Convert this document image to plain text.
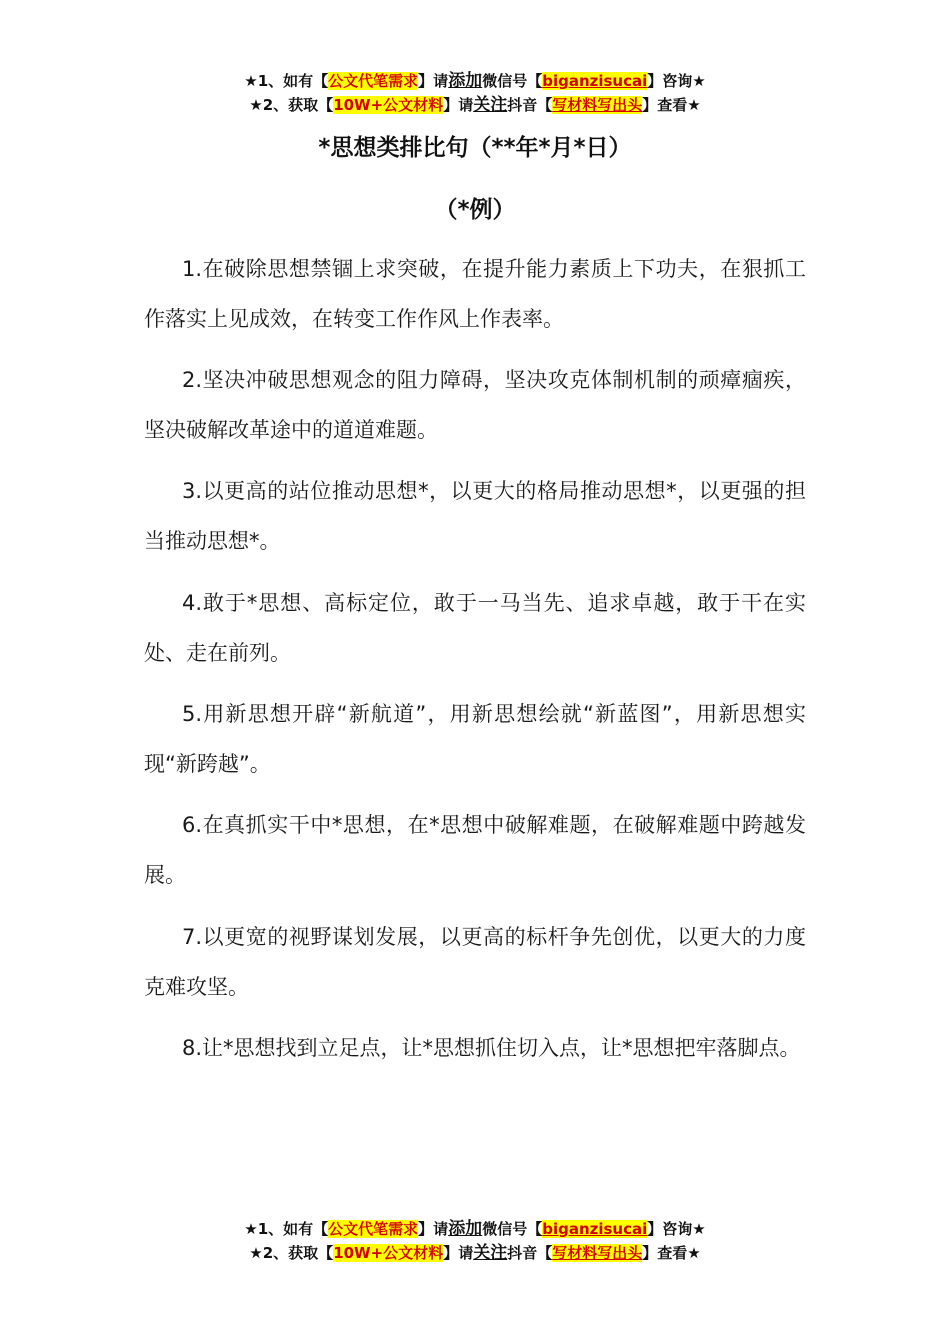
★1、如有【公文代笔需求】请添加微信号【biganzisucai】咨询★
★2、获取【10W+公文材料】请关注抖音【写材料写出头】查看★
*思想类排比句（**年*月*日）
（*例）

1.在破除思想禁锢上求突破，在提升能力素质上下功夫，在狠抓工作落实上见成效，在转变工作作风上作表率。

2.坚决冲破思想观念的阻力障碍，坚决攻克体制机制的顽瘴痼疾，坚决破解改革途中的道道难题。

3.以更高的站位推动思想*，以更大的格局推动思想*，以更强的担当推动思想*。

4.敢于*思想、高标定位，敢于一马当先、追求卓越，敢于干在实处、走在前列。

5.用新思想开辟“新航道”，用新思想绘就“新蓝图”，用新思想实现“新跨越”。

6.在真抓实干中*思想，在*思想中破解难题，在破解难题中跨越发展。

7.以更宽的视野谋划发展，以更高的标杆争先创优，以更大的力度克难攻坚。

8.让*思想找到立足点，让*思想抓住切入点，让*思想把牢落脚点。

★1、如有【公文代笔需求】请添加微信号【biganzisucai】咨询★
★2、获取【10W+公文材料】请关注抖音【写材料写出头】查看★
